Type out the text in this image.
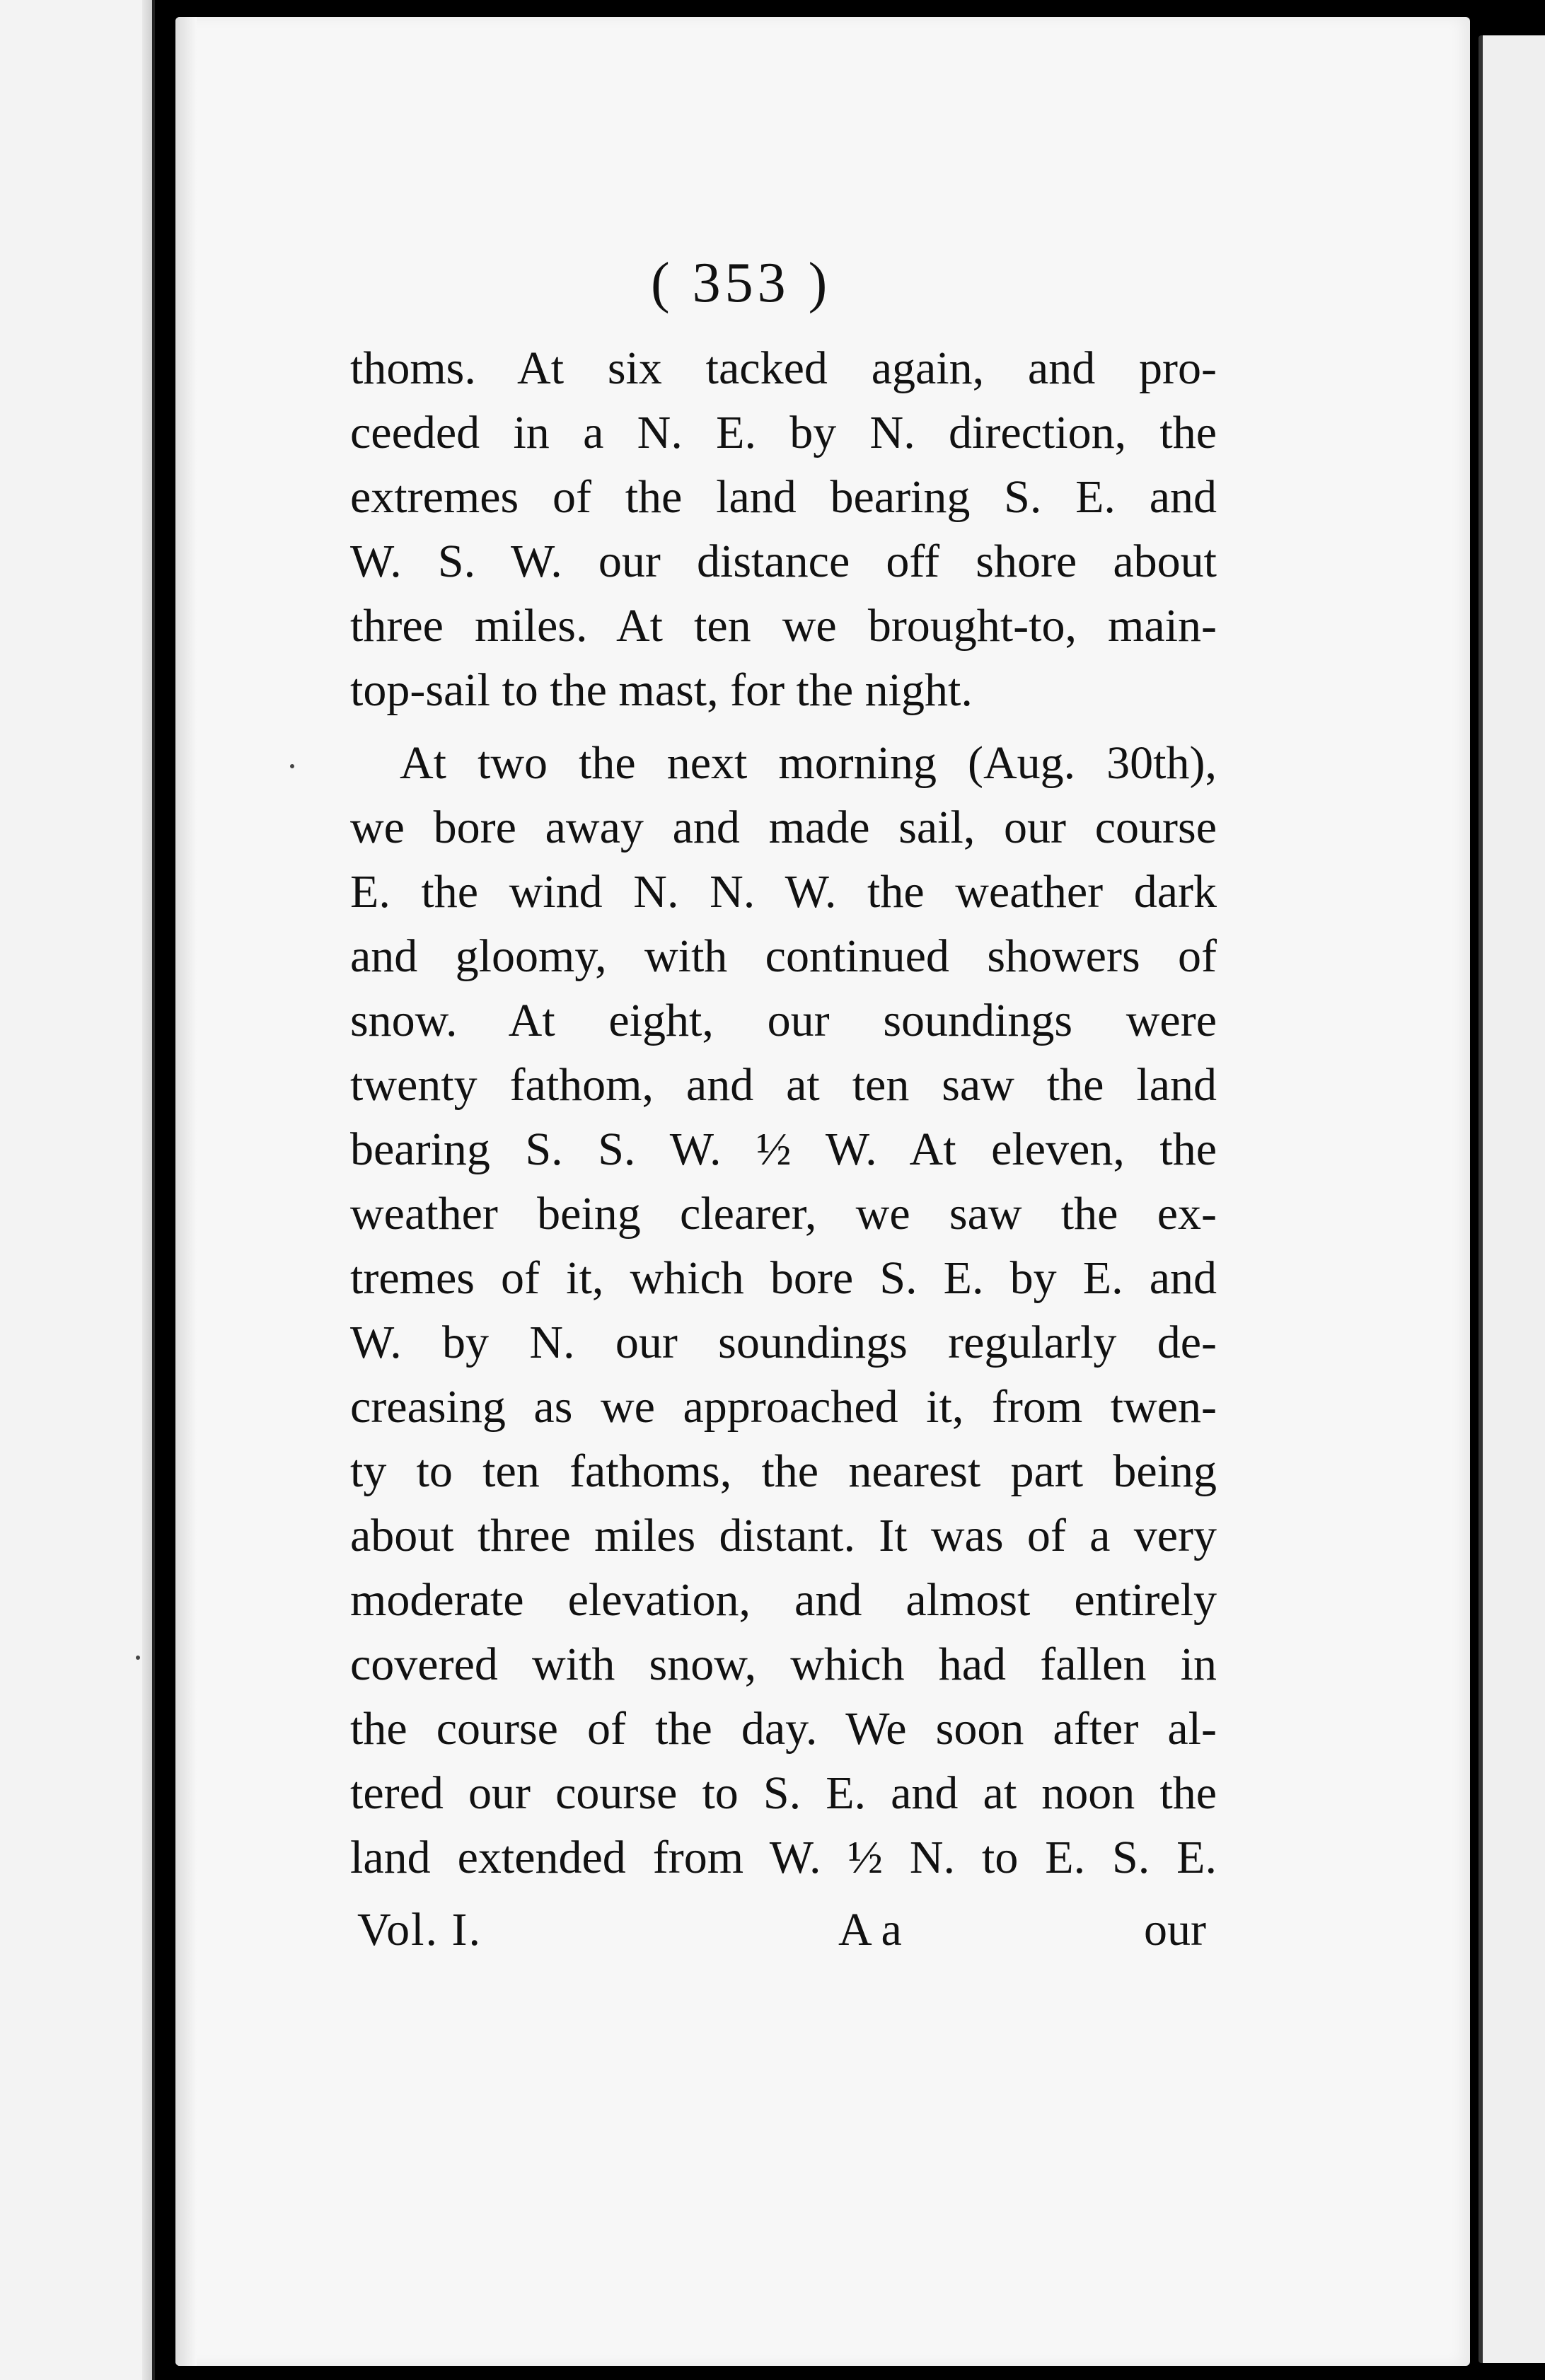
( 353 )
thoms. At six tacked again, and pro-
ceeded in a N. E. by N. direction, the
extremes of the land bearing S. E. and
W. S. W. our distance off shore about
three miles. At ten we brought-to, main-
top-sail to the mast, for the night.
At two the next morning (Aug. 30th),
we bore away and made sail, our course
E. the wind N. N. W. the weather dark
and gloomy, with continued showers of
snow. At eight, our soundings were
twenty fathom, and at ten saw the land
bearing S. S. W. ½ W. At eleven, the
weather being clearer, we saw the ex-
tremes of it, which bore S. E. by E. and
W. by N. our soundings regularly de-
creasing as we approached it, from twen-
ty to ten fathoms, the nearest part being
about three miles distant. It was of a very
moderate elevation, and almost entirely
covered with snow, which had fallen in
the course of the day. We soon after al-
tered our course to S. E. and at noon the
land extended from W. ½ N. to E. S. E.
Vol. I.	A a	our
